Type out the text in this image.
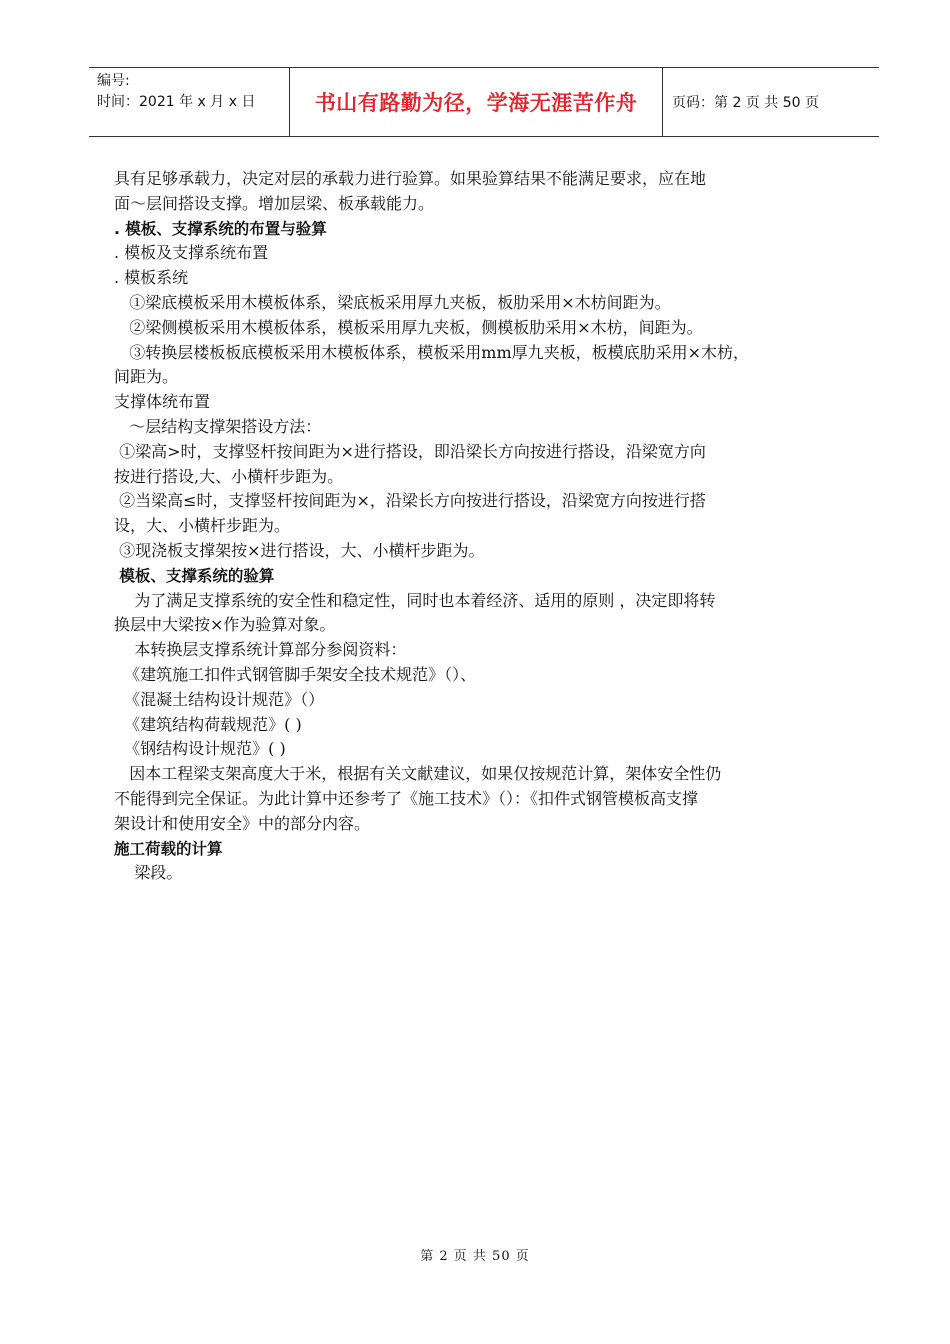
编号:
时间：2021 年 x 月 x 日	书山有路勤为径，学海无涯苦作舟 页码：第 2 页 共 50 页

具有足够承载力，决定对层的承载力进行验算。如果验算结果不能满足要求，应在地

面～层间搭设支撑。增加层梁、板承载能力。

. 模板、支撑系统的布置与验算

. 模板及支撑系统布置

. 模板系统

①梁底模板采用木模板体系，梁底板采用厚九夹板，板肋采用×木枋间距为。

②梁侧模板采用木模板体系，模板采用厚九夹板，侧模板肋采用×木枋，间距为。

③转换层楼板板底模板采用木模板体系，模板采用mm厚九夹板，板模底肋采用×木枋，

间距为。

支撑体统布置

～层结构支撑架搭设方法：

①梁高>时，支撑竖杆按间距为×进行搭设，即沿梁长方向按进行搭设，沿梁宽方向

按进行搭设,大、小横杆步距为。

②当梁高≤时，支撑竖杆按间距为×，沿梁长方向按进行搭设，沿梁宽方向按进行搭

设，大、小横杆步距为。

③现浇板支撑架按×进行搭设，大、小横杆步距为。

模板、支撑系统的验算

为了满足支撑系统的安全性和稳定性，同时也本着经济、适用的原则 ，决定即将转

换层中大梁按×作为验算对象。

本转换层支撑系统计算部分参阅资料：

《建筑施工扣件式钢管脚手架安全技术规范》（）、

《混凝土结构设计规范》（）

《建筑结构荷载规范》( )

《钢结构设计规范》( )

因本工程梁支架高度大于米，根据有关文献建议，如果仅按规范计算，架体安全性仍

不能得到完全保证。为此计算中还参考了《施工技术》（）：《扣件式钢管模板高支撑

架设计和使用安全》中的部分内容。

施工荷载的计算

梁段。

第 2 页 共 50 页
